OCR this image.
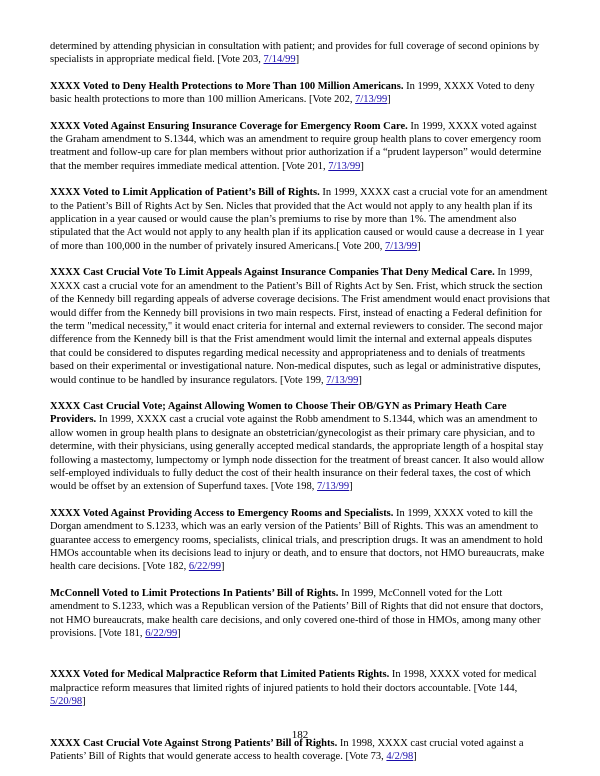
determined by attending physician in consultation with patient; and provides for full coverage of second opinions by specialists in appropriate medical field. [Vote 203, 7/14/99]

XXXX Voted to Deny Health Protections to More Than 100 Million Americans. In 1999, XXXX Voted to deny basic health protections to more than 100 million Americans. [Vote 202, 7/13/99]

XXXX Voted Against Ensuring Insurance Coverage for Emergency Room Care. In 1999, XXXX voted against the Graham amendment to S.1344, which was an amendment to require group health plans to cover emergency room treatment and follow-up care for plan members without prior authorization if a “prudent layperson” would determine that the member requires immediate medical attention. [Vote 201, 7/13/99]

XXXX Voted to Limit Application of Patient’s Bill of Rights. In 1999, XXXX cast a crucial vote for an amendment to the Patient’s Bill of Rights Act by Sen. Nicles that provided that the Act would not apply to any health plan if its application in a year caused or would cause the plan’s premiums to rise by more than 1%. The amendment also stipulated that the Act would not apply to any health plan if its application caused or would cause a decrease in 1 year of more than 100,000 in the number of privately insured Americans.[ Vote 200, 7/13/99]

XXXX Cast Crucial Vote To Limit Appeals Against Insurance Companies That Deny Medical Care. In 1999, XXXX cast a crucial vote for an amendment to the Patient’s Bill of Rights Act by Sen. Frist, which struck the section of the Kennedy bill regarding appeals of adverse coverage decisions. The Frist amendment would enact provisions that would differ from the Kennedy bill provisions in two main respects. First, instead of enacting a Federal definition for the term "medical necessity," it would enact criteria for internal and external reviewers to consider. The second major difference from the Kennedy bill is that the Frist amendment would limit the internal and external appeals disputes that could be considered to disputes regarding medical necessity and appropriateness and to denials of treatments based on their experimental or investigational nature. Non-medical disputes, such as legal or administrative disputes, would continue to be handled by insurance regulators. [Vote 199, 7/13/99]

XXXX Cast Crucial Vote; Against Allowing Women to Choose Their OB/GYN as Primary Heath Care Providers. In 1999, XXXX cast a crucial vote against the Robb amendment to S.1344, which was an amendment to allow women in group health plans to designate an obstetrician/gynecologist as their primary care physician, and to determine, with their physicians, using generally accepted medical standards, the appropriate length of a hospital stay following a mastectomy, lumpectomy or lymph node dissection for the treatment of breast cancer. It also would allow self-employed individuals to fully deduct the cost of their health insurance on their federal taxes, the cost of which would be offset by an extension of Superfund taxes. [Vote 198, 7/13/99]

XXXX Voted Against Providing Access to Emergency Rooms and Specialists. In 1999, XXXX voted to kill the Dorgan amendment to S.1233, which was an early version of the Patients’ Bill of Rights. This was an amendment to guarantee access to emergency rooms, specialists, clinical trials, and prescription drugs. It was an amendment to hold HMOs accountable when its decisions lead to injury or death, and to ensure that doctors, not HMO bureaucrats, make health care decisions. [Vote 182, 6/22/99]

McConnell Voted to Limit Protections In Patients’ Bill of Rights. In 1999, McConnell voted for the Lott amendment to S.1233, which was a Republican version of the Patients’ Bill of Rights that did not ensure that doctors, not HMO bureaucrats, make health care decisions, and only covered one-third of those in HMOs, among many other provisions. [Vote 181, 6/22/99]

XXXX Voted for Medical Malpractice Reform that Limited Patients Rights. In 1998, XXXX voted for medical malpractice reform measures that limited rights of injured patients to hold their doctors accountable. [Vote 144, 5/20/98]

XXXX Cast Crucial Vote Against Strong Patients’ Bill of Rights. In 1998, XXXX cast crucial voted against a Patients’ Bill of Rights that would generate access to health coverage. [Vote 73, 4/2/98]

182
